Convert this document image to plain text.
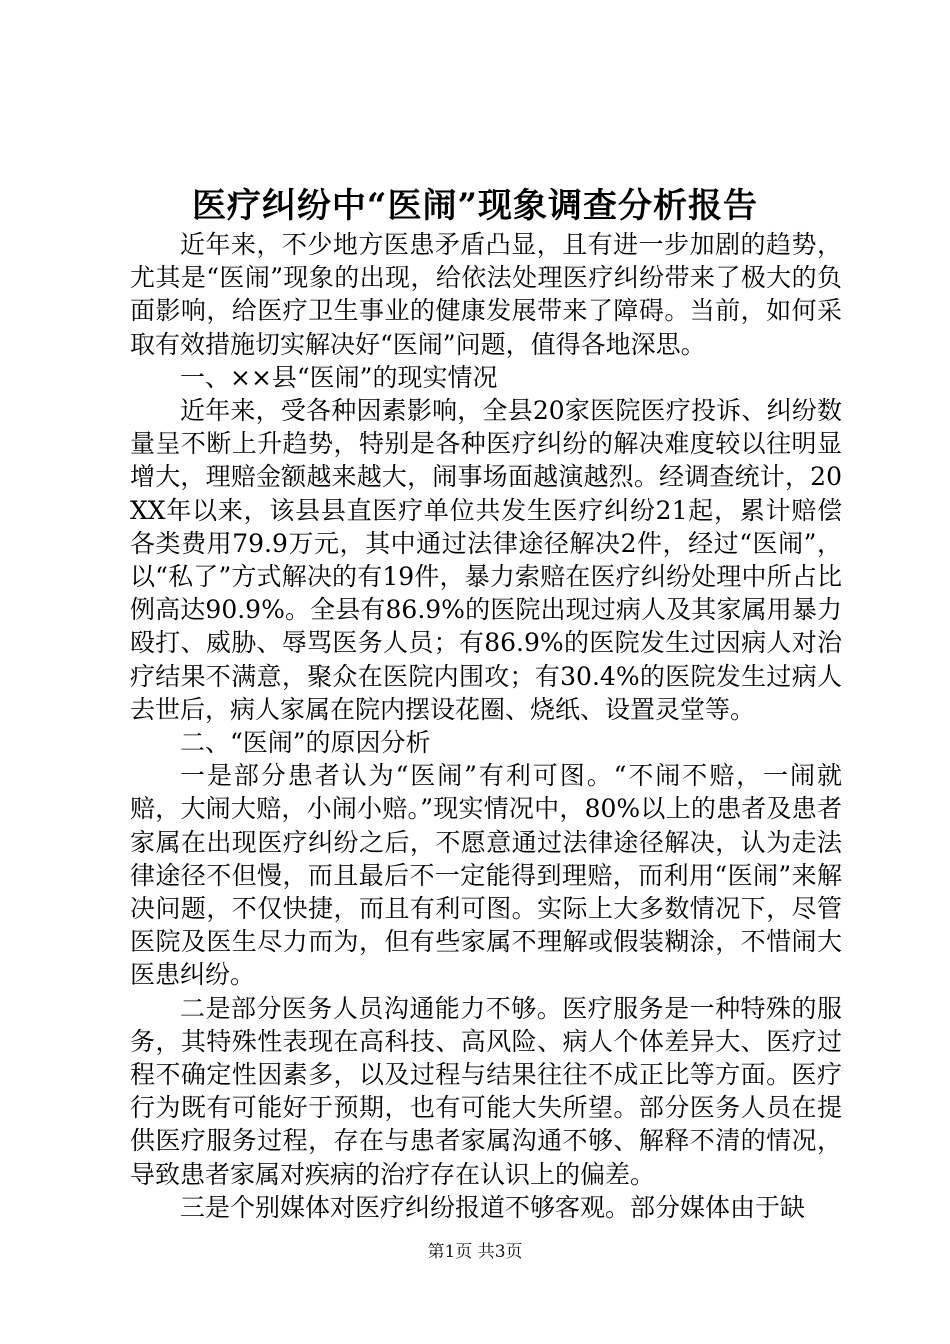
医疗纠纷中“医闹”现象调查分析报告

近年来，不少地方医患矛盾凸显，且有进一步加剧的趋势，尤其是“医闹”现象的出现，给依法处理医疗纠纷带来了极大的负面影响，给医疗卫生事业的健康发展带来了障碍。当前，如何采取有效措施切实解决好“医闹”问题，值得各地深思。

一、××县“医闹”的现实情况

近年来，受各种因素影响，全县20家医院医疗投诉、纠纷数量呈不断上升趋势，特别是各种医疗纠纷的解决难度较以往明显增大，理赔金额越来越大，闹事场面越演越烈。经调查统计，20XX年以来，该县县直医疗单位共发生医疗纠纷21起，累计赔偿各类费用79.9万元，其中通过法律途径解决2件，经过“医闹”，以“私了”方式解决的有19件，暴力索赔在医疗纠纷处理中所占比例高达90.9%。全县有86.9%的医院出现过病人及其家属用暴力殴打、威胁、辱骂医务人员；有86.9%的医院发生过因病人对治疗结果不满意，聚众在医院内围攻；有30.4%的医院发生过病人去世后，病人家属在院内摆设花圈、烧纸、设置灵堂等。

二、“医闹”的原因分析

一是部分患者认为“医闹”有利可图。“不闹不赔，一闹就赔，大闹大赔，小闹小赔。”现实情况中，80%以上的患者及患者家属在出现医疗纠纷之后，不愿意通过法律途径解决，认为走法律途径不但慢，而且最后不一定能得到理赔，而利用“医闹”来解决问题，不仅快捷，而且有利可图。实际上大多数情况下，尽管医院及医生尽力而为，但有些家属不理解或假装糊涂，不惜闹大医患纠纷。

二是部分医务人员沟通能力不够。医疗服务是一种特殊的服务，其特殊性表现在高科技、高风险、病人个体差异大、医疗过程不确定性因素多，以及过程与结果往往不成正比等方面。医疗行为既有可能好于预期，也有可能大失所望。部分医务人员在提供医疗服务过程，存在与患者家属沟通不够、解释不清的情况，导致患者家属对疾病的治疗存在认识上的偏差。

三是个别媒体对医疗纠纷报道不够客观。部分媒体由于缺

第1页 共3页
